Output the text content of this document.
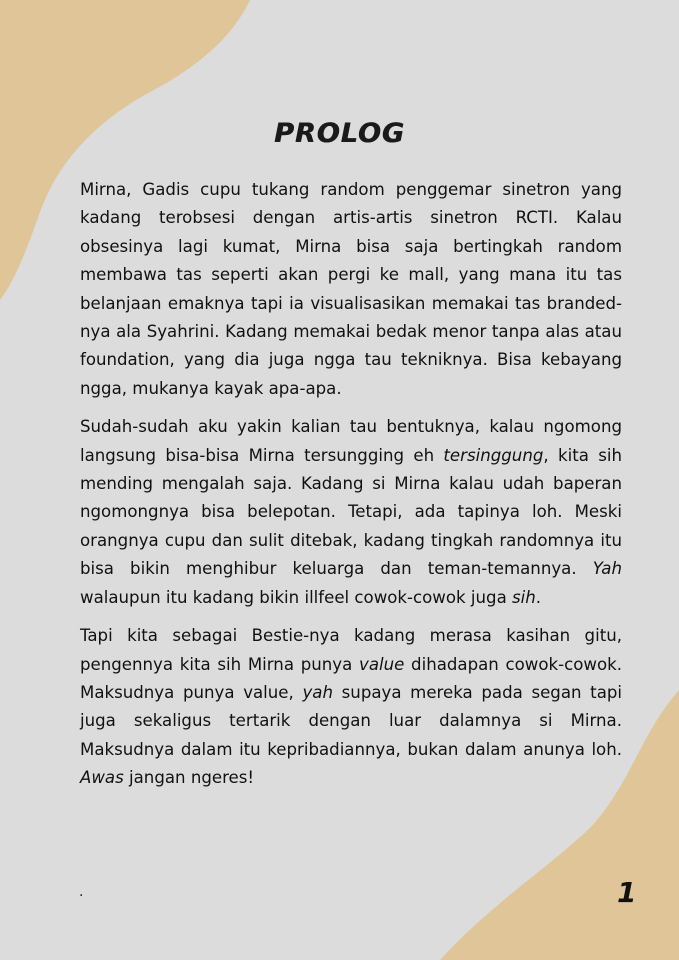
PROLOG

Mirna, Gadis cupu tukang random penggemar sinetron yang kadang terobsesi dengan artis-artis sinetron RCTI. Kalau obsesinya lagi kumat, Mirna bisa saja bertingkah random membawa tas seperti akan pergi ke mall, yang mana itu tas belanjaan emaknya tapi ia visualisasikan memakai tas branded-nya ala Syahrini. Kadang memakai bedak menor tanpa alas atau foundation, yang dia juga ngga tau tekniknya. Bisa kebayang ngga, mukanya kayak apa-apa.

Sudah-sudah aku yakin kalian tau bentuknya, kalau ngomong langsung bisa-bisa Mirna tersungging eh tersinggung, kita sih mending mengalah saja. Kadang si Mirna kalau udah baperan ngomongnya bisa belepotan. Tetapi, ada tapinya loh. Meski orangnya cupu dan sulit ditebak, kadang tingkah randomnya itu bisa bikin menghibur keluarga dan teman-temannya. Yah walaupun itu kadang bikin illfeel cowok-cowok juga sih.

Tapi kita sebagai Bestie-nya kadang merasa kasihan gitu, pengennya kita sih Mirna punya value dihadapan cowok-cowok. Maksudnya punya value, yah supaya mereka pada segan tapi juga sekaligus tertarik dengan luar dalamnya si Mirna. Maksudnya dalam itu kepribadiannya, bukan dalam anunya loh. Awas jangan ngeres!

.	1
